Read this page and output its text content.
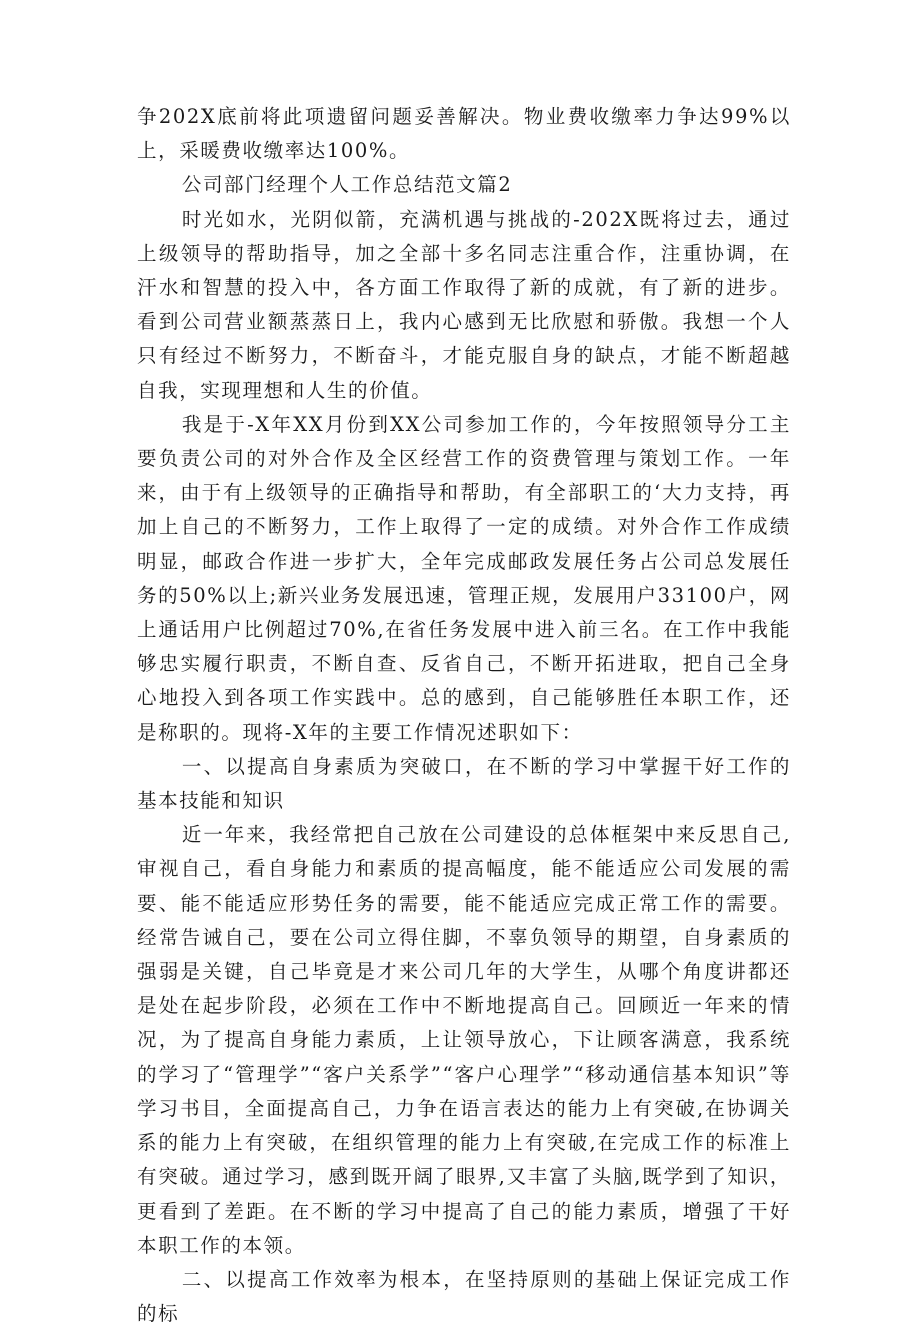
争202X底前将此项遗留问题妥善解决。物业费收缴率力争达99%以上，采暖费收缴率达100%。

公司部门经理个人工作总结范文篇2

时光如水，光阴似箭，充满机遇与挑战的-202X既将过去，通过上级领导的帮助指导，加之全部十多名同志注重合作，注重协调，在汗水和智慧的投入中，各方面工作取得了新的成就，有了新的进步。看到公司营业额蒸蒸日上，我内心感到无比欣慰和骄傲。我想一个人只有经过不断努力，不断奋斗，才能克服自身的缺点，才能不断超越自我，实现理想和人生的价值。

我是于-X年XX月份到XX公司参加工作的，今年按照领导分工主要负责公司的对外合作及全区经营工作的资费管理与策划工作。一年来，由于有上级领导的正确指导和帮助，有全部职工的‘大力支持，再加上自己的不断努力，工作上取得了一定的成绩。对外合作工作成绩明显，邮政合作进一步扩大，全年完成邮政发展任务占公司总发展任务的50%以上;新兴业务发展迅速，管理正规，发展用户33100户，网上通话用户比例超过70%,在省任务发展中进入前三名。在工作中我能够忠实履行职责，不断自查、反省自己，不断开拓进取，把自己全身心地投入到各项工作实践中。总的感到，自己能够胜任本职工作，还是称职的。现将-X年的主要工作情况述职如下：

一、以提高自身素质为突破口，在不断的学习中掌握干好工作的基本技能和知识

近一年来，我经常把自己放在公司建设的总体框架中来反思自己,审视自己，看自身能力和素质的提高幅度，能不能适应公司发展的需要、能不能适应形势任务的需要，能不能适应完成正常工作的需要。经常告诫自己，要在公司立得住脚，不辜负领导的期望，自身素质的强弱是关键，自己毕竟是才来公司几年的大学生，从哪个角度讲都还是处在起步阶段，必须在工作中不断地提高自己。回顾近一年来的情况，为了提高自身能力素质，上让领导放心，下让顾客满意，我系统的学习了“管理学”“客户关系学”“客户心理学”“移动通信基本知识”等学习书目，全面提高自己，力争在语言表达的能力上有突破,在协调关系的能力上有突破，在组织管理的能力上有突破,在完成工作的标准上有突破。通过学习，感到既开阔了眼界,又丰富了头脑,既学到了知识，更看到了差距。在不断的学习中提高了自己的能力素质，增强了干好本职工作的本领。

二、以提高工作效率为根本，在坚持原则的基础上保证完成工作的标
